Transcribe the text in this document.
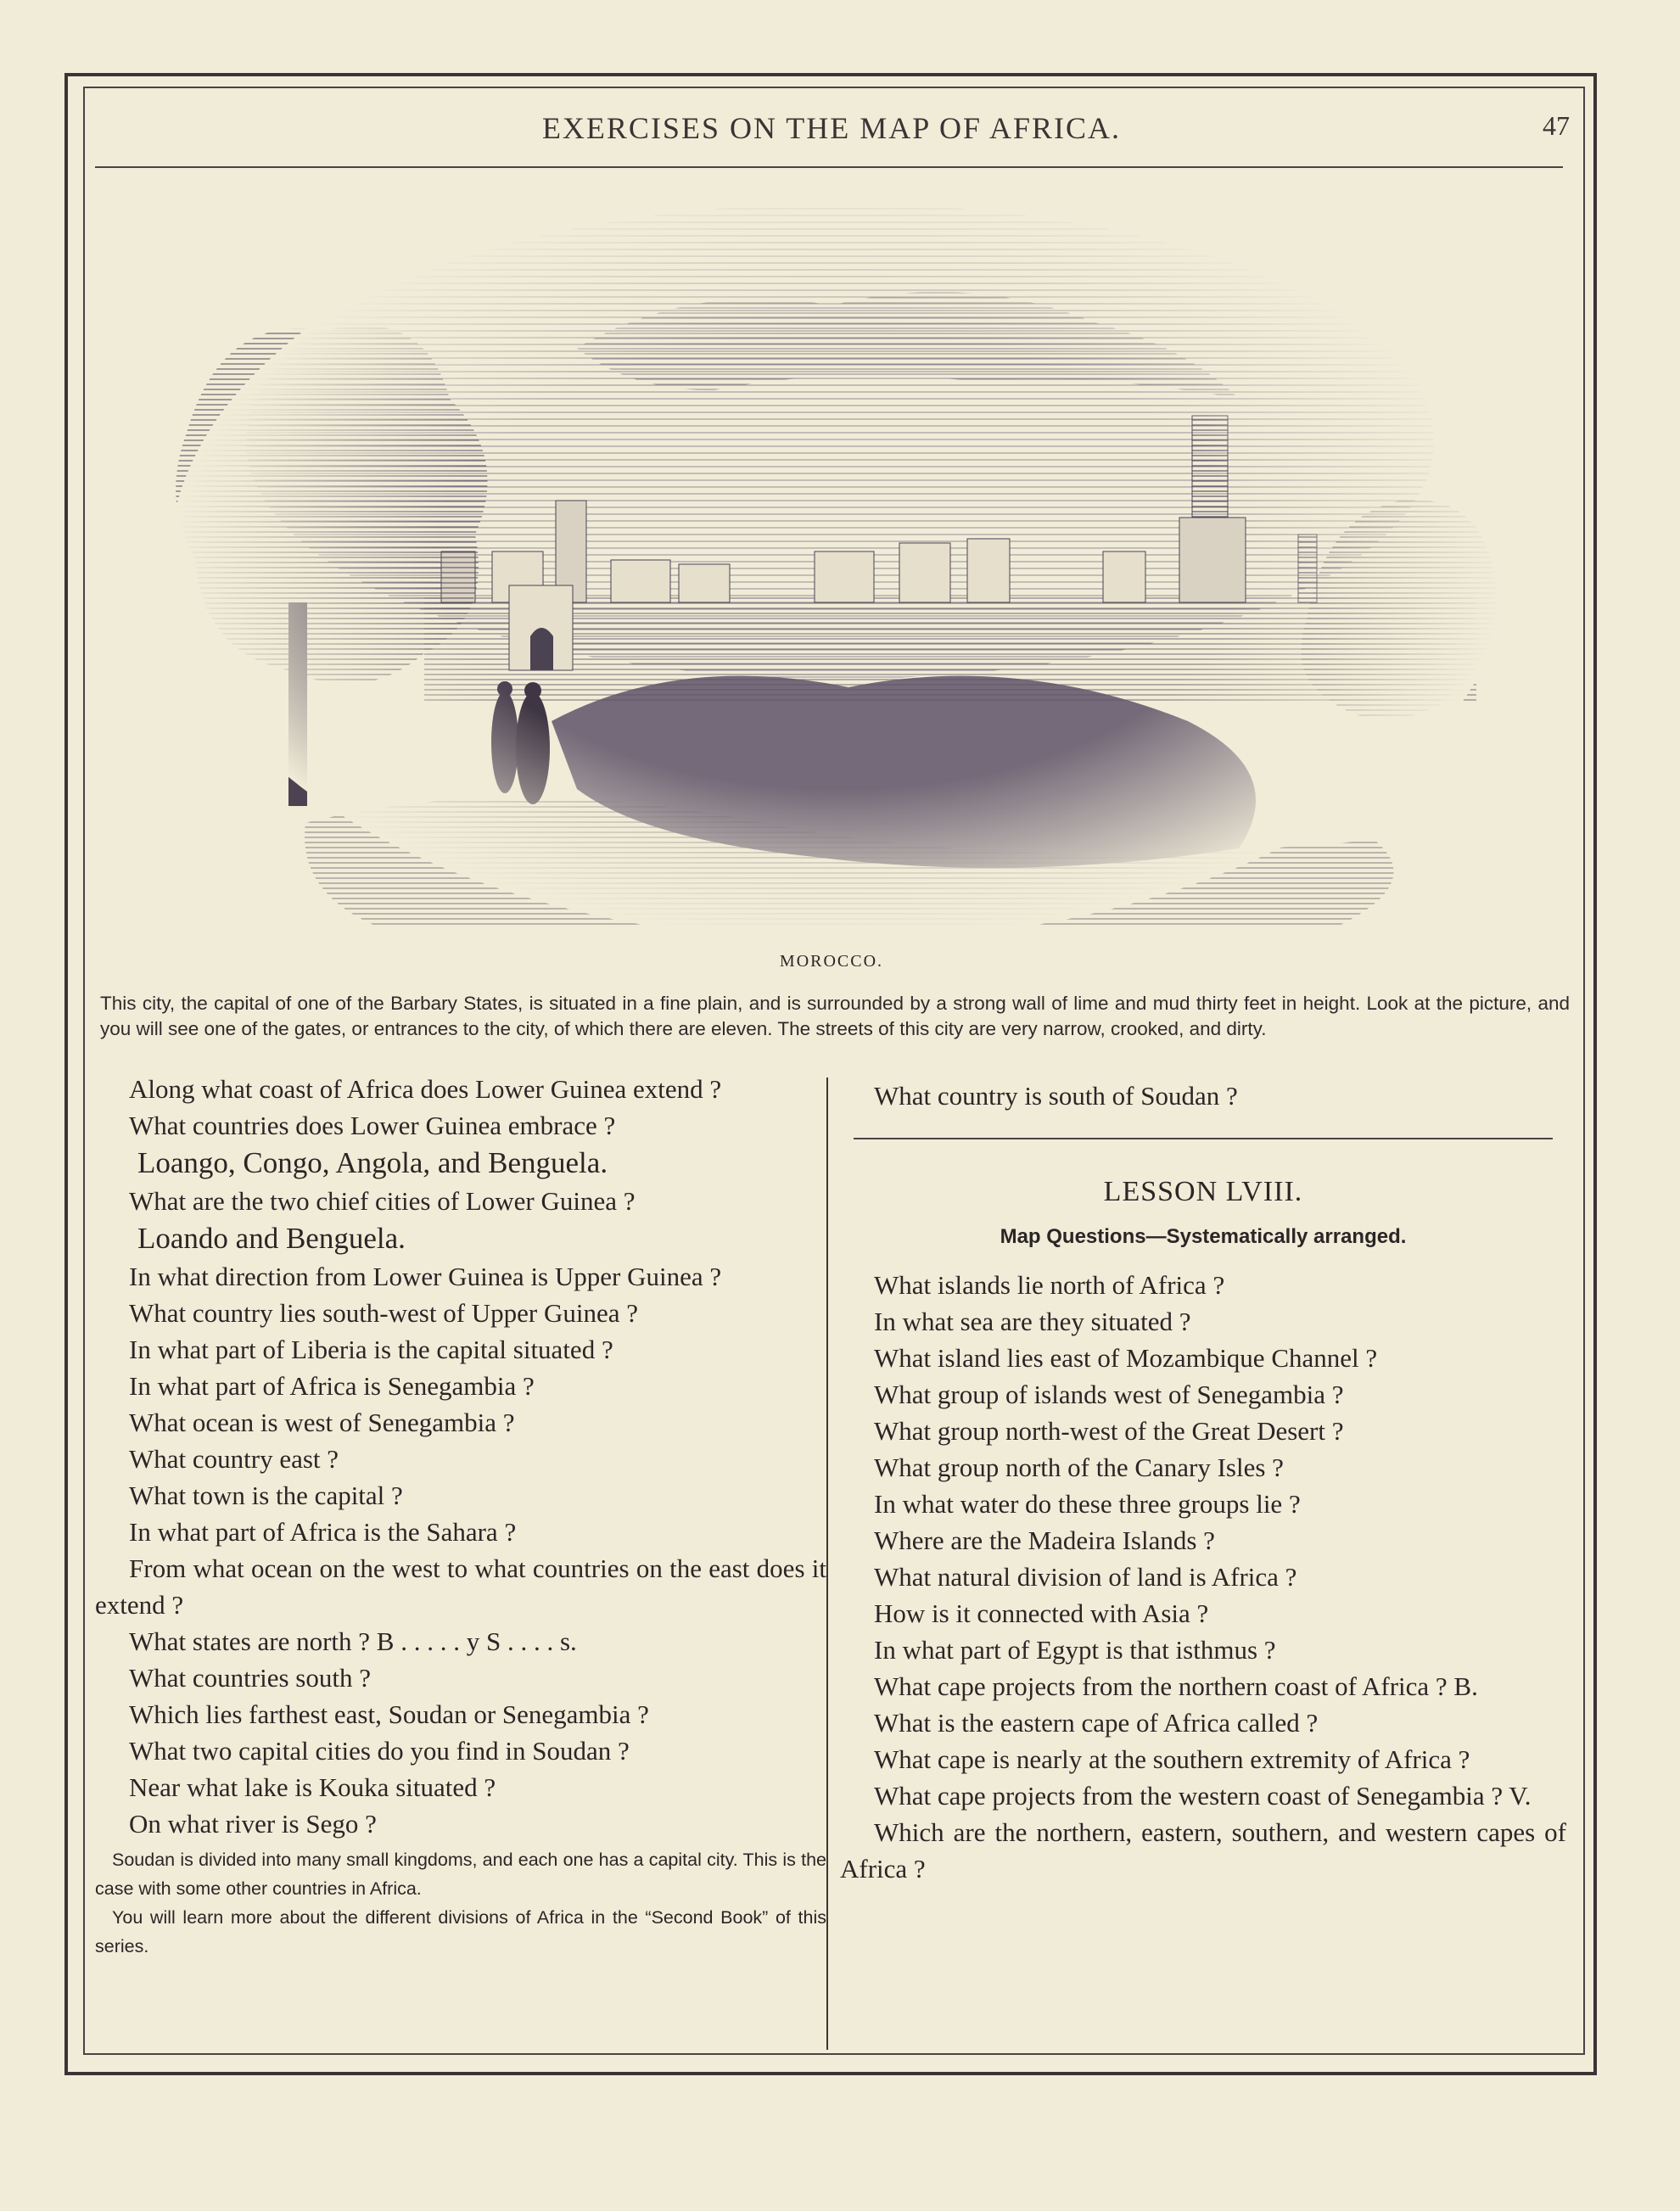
EXERCISES ON THE MAP OF AFRICA.	47
MOROCCO.
This city, the capital of one of the Barbary States, is situated in a fine plain, and is surrounded by a strong wall of lime and mud thirty feet in height. Look at the picture, and you will see one of the gates, or entrances to the city, of which there are eleven. The streets of this city are very narrow, crooked, and dirty.

Along what coast of Africa does Lower Guinea extend ?

What countries does Lower Guinea embrace ?

Loango, Congo, Angola, and Benguela.

What are the two chief cities of Lower Guinea ?

Loando and Benguela.

In what direction from Lower Guinea is Upper Guinea ?

What country lies south-west of Upper Guinea ?

In what part of Liberia is the capital situated ?

In what part of Africa is Senegambia ?

What ocean is west of Senegambia ?

What country east ?

What town is the capital ?

In what part of Africa is the Sahara ?

From what ocean on the west to what countries on the east does it extend ?

What states are north ? B . . . . . y S . . . . s.

What countries south ?

Which lies farthest east, Soudan or Senegambia ?

What two capital cities do you find in Soudan ?

Near what lake is Kouka situated ?

On what river is Sego ?

Soudan is divided into many small kingdoms, and each one has a capital city. This is the case with some other countries in Africa.

You will learn more about the different divisions of Africa in the “Second Book” of this series.

What country is south of Soudan ?

LESSON LVIII.

Map Questions—Systematically arranged.

What islands lie north of Africa ?

In what sea are they situated ?

What island lies east of Mozambique Channel ?

What group of islands west of Senegambia ?

What group north-west of the Great Desert ?

What group north of the Canary Isles ?

In what water do these three groups lie ?

Where are the Madeira Islands ?

What natural division of land is Africa ?

How is it connected with Asia ?

In what part of Egypt is that isthmus ?

What cape projects from the northern coast of Africa ? B.

What is the eastern cape of Africa called ?

What cape is nearly at the southern extremity of Africa ?

What cape projects from the western coast of Senegambia ? V.

Which are the northern, eastern, southern, and western capes of Africa ?
